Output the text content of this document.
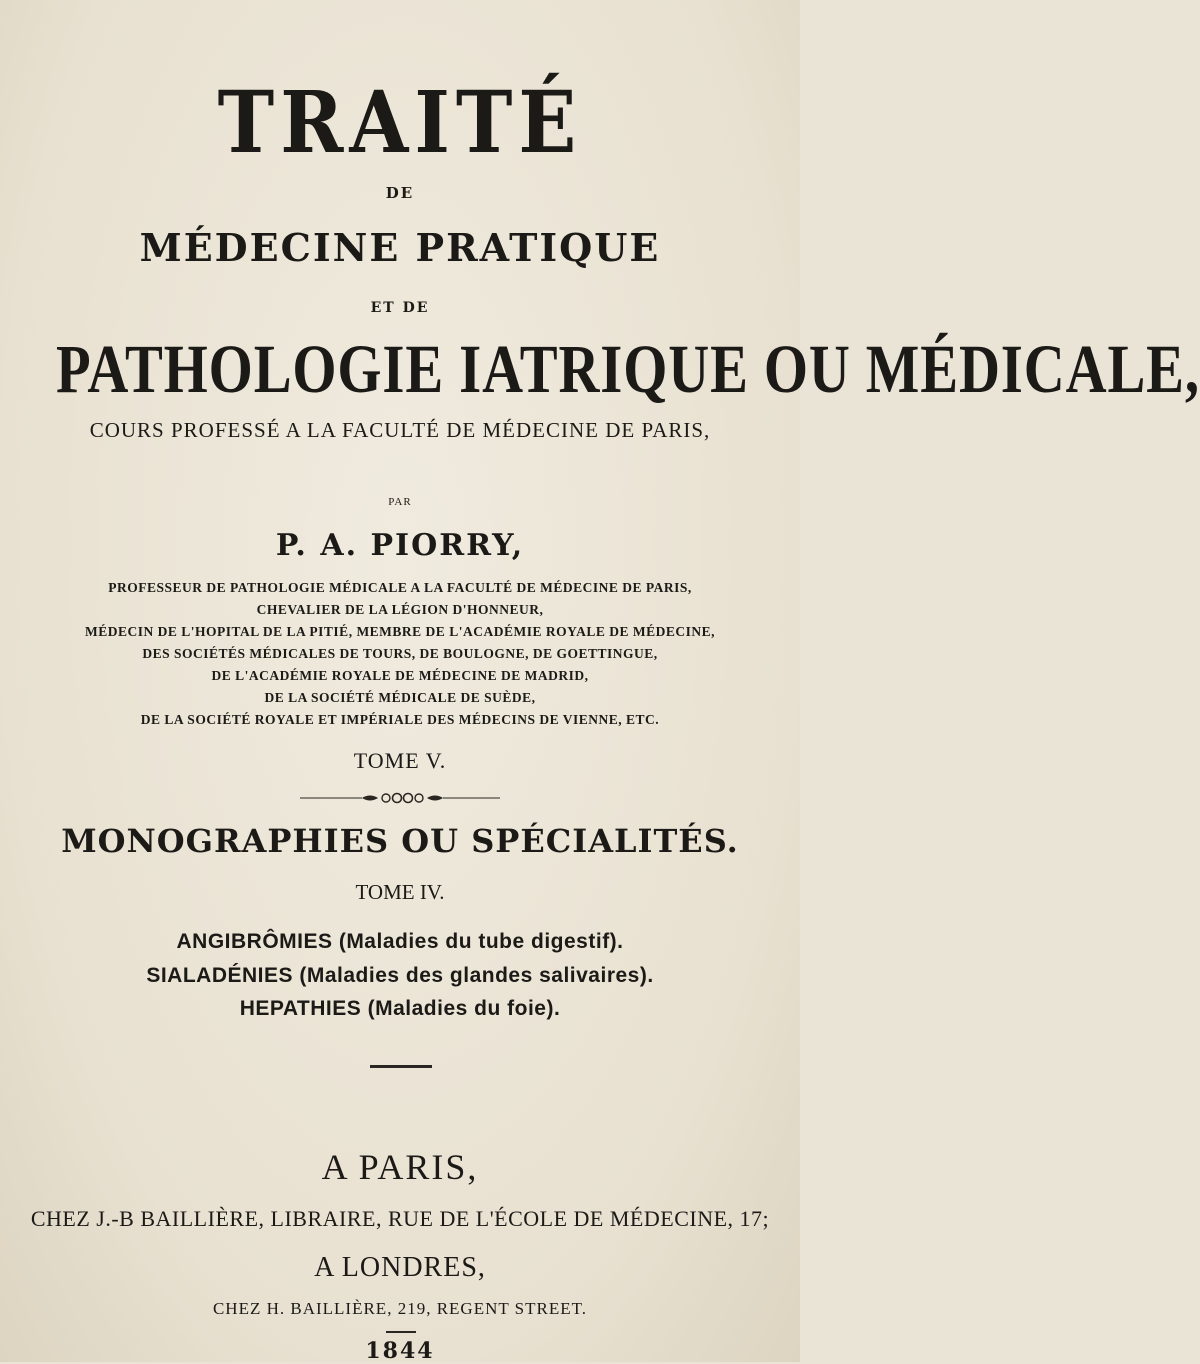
TRAITÉ

DE

MÉDECINE PRATIQUE

ET DE

PATHOLOGIE IATRIQUE OU MÉDICALE,

COURS PROFESSÉ A LA FACULTÉ DE MÉDECINE DE PARIS,

PAR

P. A. PIORRY,

PROFESSEUR DE PATHOLOGIE MÉDICALE A LA FACULTÉ DE MÉDECINE DE PARIS,

CHEVALIER DE LA LÉGION D'HONNEUR,

MÉDECIN DE L'HOPITAL DE LA PITIÉ, MEMBRE DE L'ACADÉMIE ROYALE DE MÉDECINE,

DES SOCIÉTÉS MÉDICALES DE TOURS, DE BOULOGNE, DE GOETTINGUE,

DE L'ACADÉMIE ROYALE DE MÉDECINE DE MADRID,

DE LA SOCIÉTÉ MÉDICALE DE SUÈDE,

DE LA SOCIÉTÉ ROYALE ET IMPÉRIALE DES MÉDECINS DE VIENNE, ETC.

TOME V.

MONOGRAPHIES OU SPÉCIALITÉS.

TOME IV.

ANGIBRÔMIES (Maladies du tube digestif).

SIALADÉNIES (Maladies des glandes salivaires).

HEPATHIES (Maladies du foie).

A PARIS,

CHEZ J.-B BAILLIÈRE, LIBRAIRE, RUE DE L'ÉCOLE DE MÉDECINE, 17;

A LONDRES,

CHEZ H. BAILLIÈRE, 219, REGENT STREET.

1844
